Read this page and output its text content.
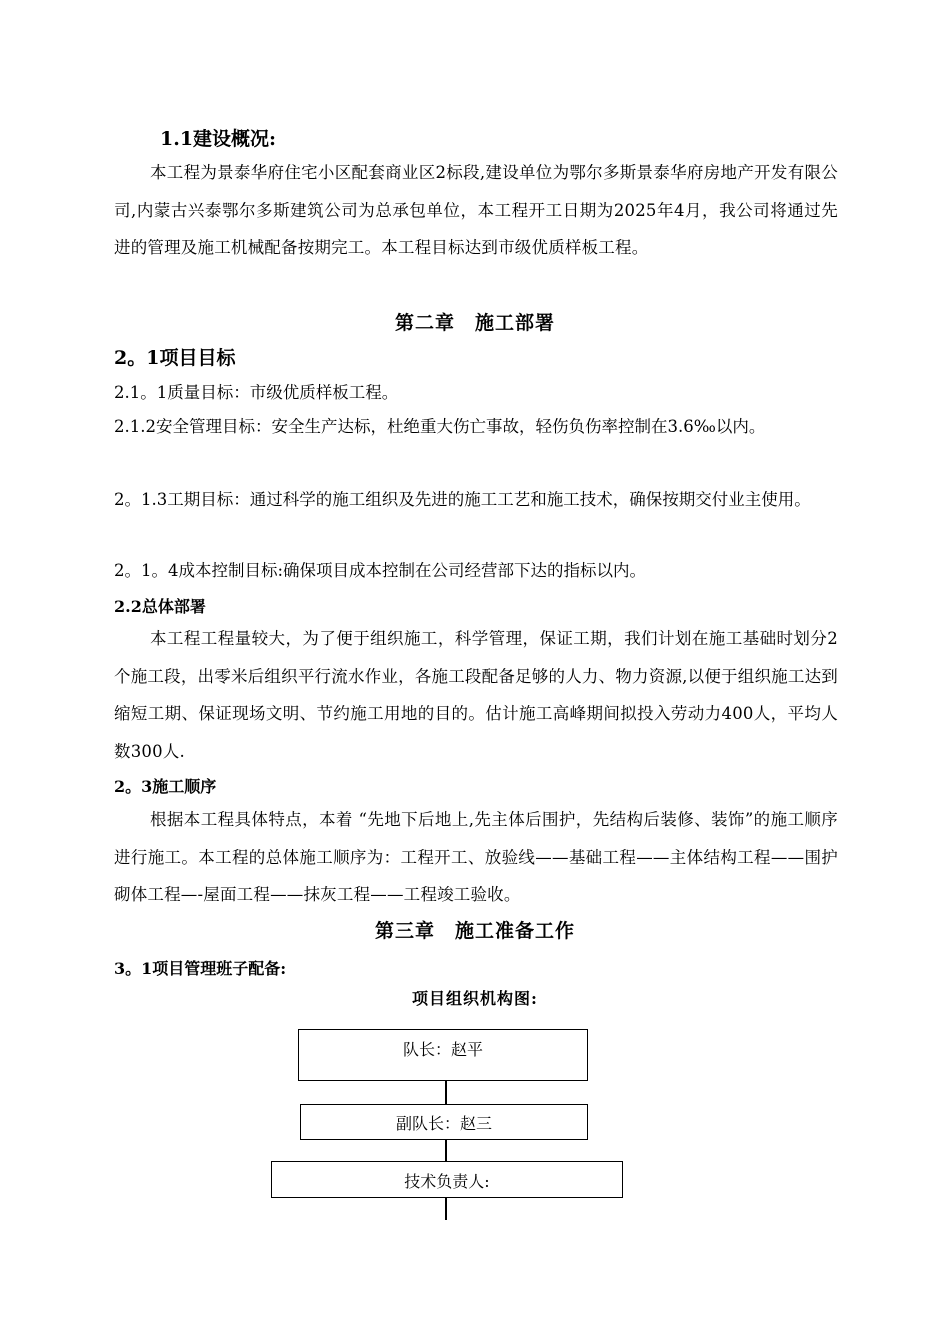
1.1建设概况:

本工程为景泰华府住宅小区配套商业区2标段,建设单位为鄂尔多斯景泰华府房地产开发有限公司,内蒙古兴泰鄂尔多斯建筑公司为总承包单位，本工程开工日期为2025年4月，我公司将通过先进的管理及施工机械配备按期完工。本工程目标达到市级优质样板工程。

第二章　施工部署
2。1项目目标

2.1。1质量目标：市级优质样板工程。

2.1.2安全管理目标：安全生产达标，杜绝重大伤亡事故，轻伤负伤率控制在3.6‰以内。

2。1.3工期目标：通过科学的施工组织及先进的施工工艺和施工技术，确保按期交付业主使用。

2。1。4成本控制目标:确保项目成本控制在公司经营部下达的指标以内。

2.2总体部署

本工程工程量较大，为了便于组织施工，科学管理，保证工期，我们计划在施工基础时划分2个施工段，出零米后组织平行流水作业，各施工段配备足够的人力、物力资源,以便于组织施工达到缩短工期、保证现场文明、节约施工用地的目的。估计施工高峰期间拟投入劳动力400人，平均人数300人.

2。3施工顺序

根据本工程具体特点，本着 “先地下后地上,先主体后围护，先结构后装修、装饰”的施工顺序进行施工。本工程的总体施工顺序为：工程开工、放验线——基础工程——主体结构工程——围护砌体工程—-屋面工程——抹灰工程——工程竣工验收。

第三章　施工准备工作
3。1项目管理班子配备:
项目组织机构图:
队长：赵平
副队长：赵三
技术负责人:
